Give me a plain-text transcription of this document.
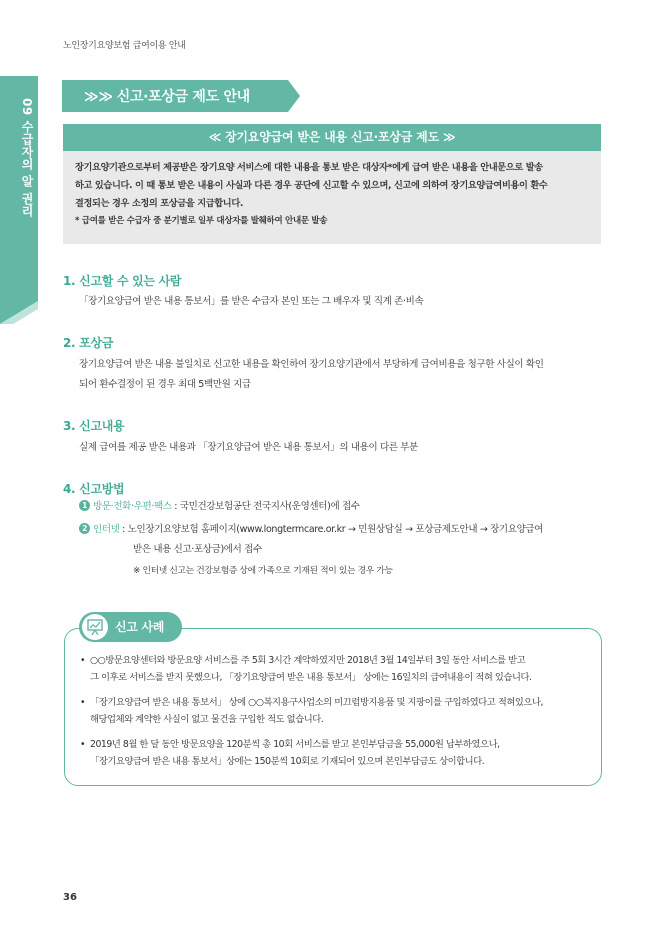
노인장기요양보험 급여이용 안내
09 수급자의 알 권리
≫≫ 신고·포상금 제도 안내
≪ 장기요양급여 받은 내용 신고·포상금 제도 ≫
장기요양기관으로부터 제공받은 장기요양 서비스에 대한 내용을 통보 받은 대상자*에게 급여 받은 내용을 안내문으로 발송
하고 있습니다. 이 때 통보 받은 내용이 사실과 다른 경우 공단에 신고할 수 있으며, 신고에 의하여 장기요양급여비용이 환수
결정되는 경우 소정의 포상금을 지급합니다.
* 급여를 받은 수급자 중 분기별로 일부 대상자를 발췌하여 안내문 발송
1. 신고할 수 있는 사람
「장기요양급여 받은 내용 통보서」를 받은 수급자 본인 또는 그 배우자 및 직계 존·비속
2. 포상금
장기요양급여 받은 내용 불일치로 신고한 내용을 확인하여 장기요양기관에서 부당하게 급여비용을 청구한 사실이 확인
되어 환수결정이 된 경우 최대 5백만원 지급
3. 신고내용
실제 급여를 제공 받은 내용과 「장기요양급여 받은 내용 통보서」의 내용이 다른 부분
4. 신고방법
1 방문·전화·우편·팩스 : 국민건강보험공단 전국지사(운영센터)에 접수
2 인터넷 : 노인장기요양보험 홈페이지(www.longtermcare.or.kr → 민원상담실 → 포상금제도안내 → 장기요양급여
받은 내용 신고·포상금)에서 접수
※ 인터넷 신고는 건강보험증 상에 가족으로 기재된 적이 있는 경우 가능
신고 사례
• ○○방문요양센터와 방문요양 서비스를 주 5회 3시간 계약하였지만 2018년 3월 14일부터 3일 동안 서비스를 받고
그 이후로 서비스를 받지 못했으나, 「장기요양급여 받은 내용 통보서」 상에는 16일치의 급여내용이 적혀 있습니다.
• 「장기요양급여 받은 내용 통보서」 상에 ○○복지용구사업소의 미끄럼방지용품 및 지팡이를 구입하였다고 적혀있으나,
해당업체와 계약한 사실이 없고 물건을 구입한 적도 없습니다.
• 2019년 8월 한 달 동안 방문요양을 120분씩 총 10회 서비스를 받고 본인부담금을 55,000원 납부하였으나,
「장기요양급여 받은 내용 통보서」상에는 150분씩 10회로 기재되어 있으며 본인부담금도 상이합니다.
36
